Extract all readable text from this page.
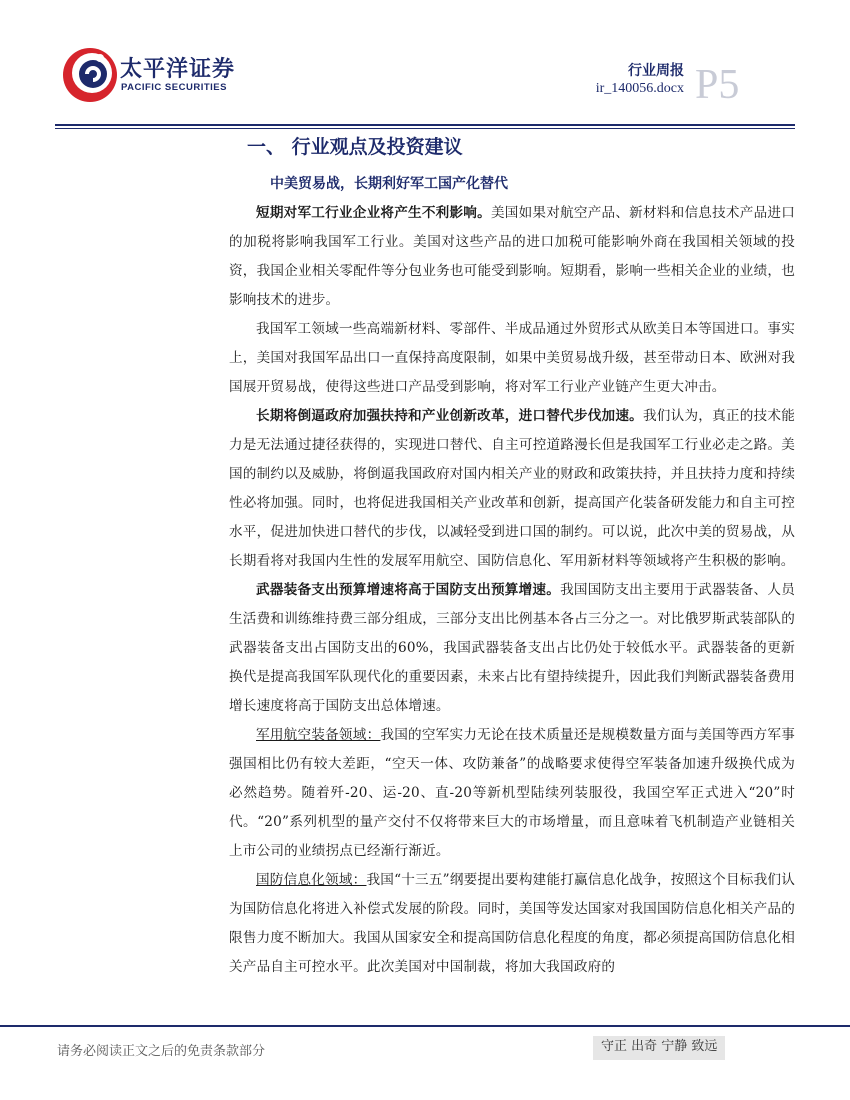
太平洋证券
PACIFIC SECURITIES
行业周报
ir_140056.docx P5
一、 行业观点及投资建议
中美贸易战，长期利好军工国产化替代

短期对军工行业企业将产生不利影响。美国如果对航空产品、新材料和信息技术产品进口的加税将影响我国军工行业。美国对这些产品的进口加税可能影响外商在我国相关领域的投资，我国企业相关零配件等分包业务也可能受到影响。短期看，影响一些相关企业的业绩，也影响技术的进步。

我国军工领域一些高端新材料、零部件、半成品通过外贸形式从欧美日本等国进口。事实上，美国对我国军品出口一直保持高度限制，如果中美贸易战升级，甚至带动日本、欧洲对我国展开贸易战，使得这些进口产品受到影响，将对军工行业产业链产生更大冲击。

长期将倒逼政府加强扶持和产业创新改革，进口替代步伐加速。我们认为，真正的技术能力是无法通过捷径获得的，实现进口替代、自主可控道路漫长但是我国军工行业必走之路。美国的制约以及威胁，将倒逼我国政府对国内相关产业的财政和政策扶持，并且扶持力度和持续性必将加强。同时，也将促进我国相关产业改革和创新，提高国产化装备研发能力和自主可控水平，促进加快进口替代的步伐，以减轻受到进口国的制约。可以说，此次中美的贸易战，从长期看将对我国内生性的发展军用航空、国防信息化、军用新材料等领域将产生积极的影响。

武器装备支出预算增速将高于国防支出预算增速。我国国防支出主要用于武器装备、人员生活费和训练维持费三部分组成，三部分支出比例基本各占三分之一。对比俄罗斯武装部队的武器装备支出占国防支出的60%，我国武器装备支出占比仍处于较低水平。武器装备的更新换代是提高我国军队现代化的重要因素，未来占比有望持续提升，因此我们判断武器装备费用增长速度将高于国防支出总体增速。

军用航空装备领域：我国的空军实力无论在技术质量还是规模数量方面与美国等西方军事强国相比仍有较大差距，“空天一体、攻防兼备”的战略要求使得空军装备加速升级换代成为必然趋势。随着歼-20、运-20、直-20等新机型陆续列装服役，我国空军正式进入“20”时代。“20”系列机型的量产交付不仅将带来巨大的市场增量，而且意味着飞机制造产业链相关上市公司的业绩拐点已经渐行渐近。

国防信息化领域：我国“十三五”纲要提出要构建能打赢信息化战争，按照这个目标我们认为国防信息化将进入补偿式发展的阶段。同时，美国等发达国家对我国国防信息化相关产品的限售力度不断加大。我国从国家安全和提高国防信息化程度的角度，都必须提高国防信息化相关产品自主可控水平。此次美国对中国制裁，将加大我国政府的

请务必阅读正文之后的免责条款部分	守正 出奇 宁静 致远
